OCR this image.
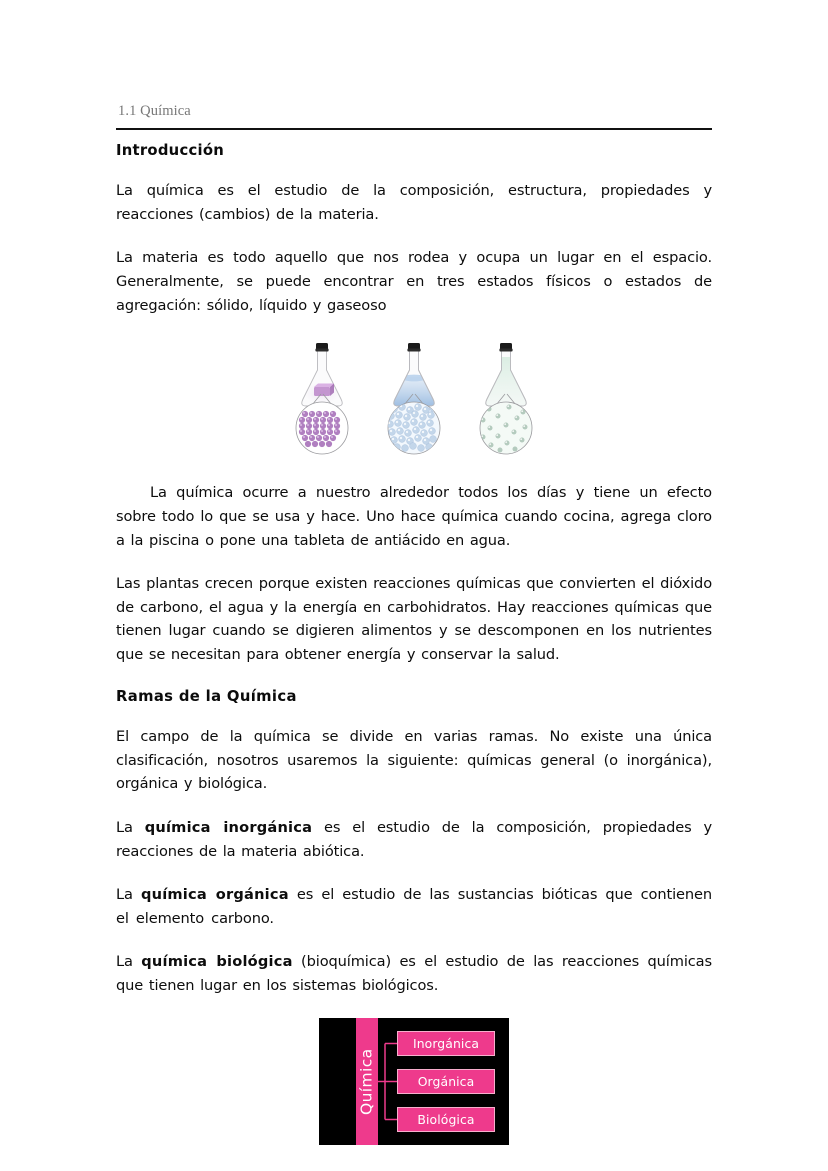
1.1 Química
Introducción

La química es el estudio de la composición, estructura, propiedades y reacciones (cambios) de la materia.

La materia es todo aquello que nos rodea y ocupa un lugar en el espacio. Generalmente, se puede encontrar en tres estados físicos o estados de agregación: sólido, líquido y gaseoso

La química ocurre a nuestro alrededor todos los días y tiene un efecto sobre todo lo que se usa y hace. Uno hace química cuando cocina, agrega cloro a la piscina o pone una tableta de antiácido en agua.

Las plantas crecen porque existen reacciones químicas que convierten el dióxido de carbono, el agua y la energía en carbohidratos. Hay reacciones químicas que tienen lugar cuando se digieren alimentos y se descomponen en los nutrientes que se necesitan para obtener energía y conservar la salud.

Ramas de la Química

El campo de la química se divide en varias ramas. No existe una única clasificación, nosotros usaremos la siguiente: químicas general (o inorgánica), orgánica y biológica.

La química inorgánica es el estudio de la composición, propiedades y reacciones de la materia abiótica.

La química orgánica es el estudio de las sustancias bióticas que contienen el elemento carbono.

La química biológica (bioquímica) es el estudio de las reacciones químicas que tienen lugar en los sistemas biológicos.

Química
Inorgánica
Orgánica
Biológica
